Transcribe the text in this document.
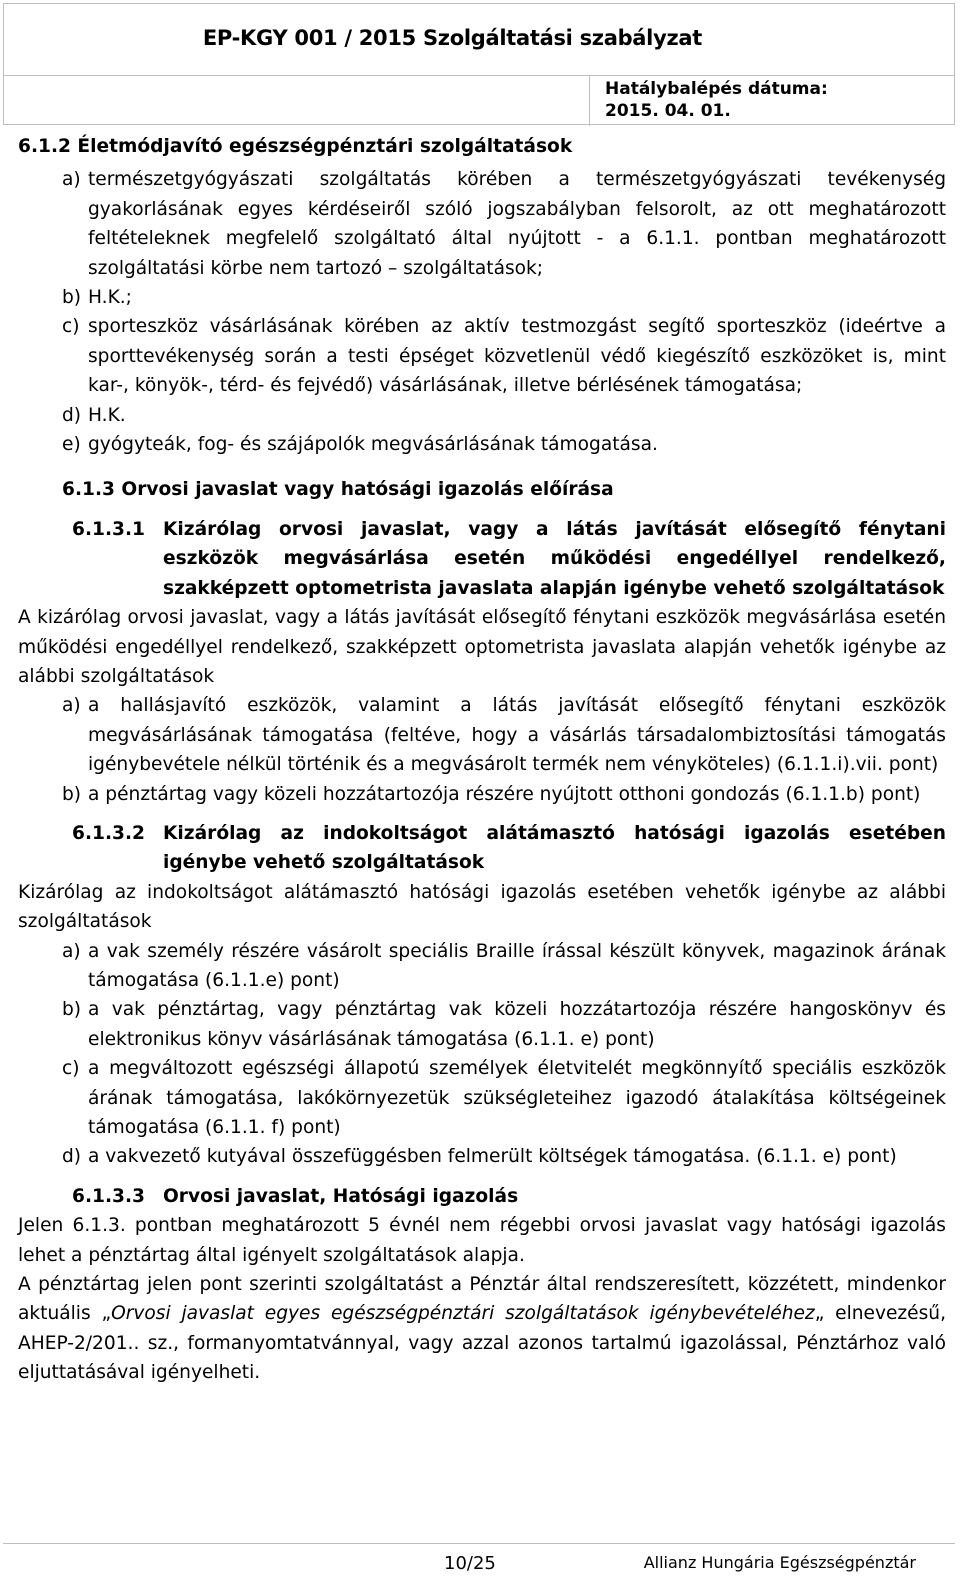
EP-KGY 001 / 2015 Szolgáltatási szabályzat
Hatálybalépés dátuma:
2015. 04. 01.
6.1.2 Életmódjavító egészségpénztári szolgáltatások
a) természetgyógyászati szolgáltatás körében a természetgyógyászati tevékenység gyakorlásának egyes kérdéseiről szóló jogszabályban felsorolt, az ott meghatározott feltételeknek megfelelő szolgáltató által nyújtott - a 6.1.1. pontban meghatározott szolgáltatási körbe nem tartozó – szolgáltatások;
b) H.K.;
c) sporteszköz vásárlásának körében az aktív testmozgást segítő sporteszköz (ideértve a sporttevékenység során a testi épséget közvetlenül védő kiegészítő eszközöket is, mint kar-, könyök-, térd- és fejvédő) vásárlásának, illetve bérlésének támogatása;
d) H.K.
e) gyógyteák, fog- és szájápolók megvásárlásának támogatása.
6.1.3 Orvosi javaslat vagy hatósági igazolás előírása
6.1.3.1 Kizárólag orvosi javaslat, vagy a látás javítását elősegítő fénytani eszközök megvásárlása esetén működési engedéllyel rendelkező, szakképzett optometrista javaslata alapján igénybe vehető szolgáltatások

A kizárólag orvosi javaslat, vagy a látás javítását elősegítő fénytani eszközök megvásárlása esetén működési engedéllyel rendelkező, szakképzett optometrista javaslata alapján vehetők igénybe az alábbi szolgáltatások

a) a hallásjavító eszközök, valamint a látás javítását elősegítő fénytani eszközök megvásárlásának támogatása (feltéve, hogy a vásárlás társadalombiztosítási támogatás igénybevétele nélkül történik és a megvásárolt termék nem vényköteles) (6.1.1.i).vii. pont)
b) a pénztártag vagy közeli hozzátartozója részére nyújtott otthoni gondozás (6.1.1.b) pont)
6.1.3.2 Kizárólag az indokoltságot alátámasztó hatósági igazolás esetében igénybe vehető szolgáltatások

Kizárólag az indokoltságot alátámasztó hatósági igazolás esetében vehetők igénybe az alábbi szolgáltatások

a) a vak személy részére vásárolt speciális Braille írással készült könyvek, magazinok árának támogatása (6.1.1.e) pont)
b) a vak pénztártag, vagy pénztártag vak közeli hozzátartozója részére hangoskönyv és elektronikus könyv vásárlásának támogatása (6.1.1. e) pont)
c) a megváltozott egészségi állapotú személyek életvitelét megkönnyítő speciális eszközök árának támogatása, lakókörnyezetük szükségleteihez igazodó átalakítása költségeinek támogatása (6.1.1. f) pont)
d) a vakvezető kutyával összefüggésben felmerült költségek támogatása. (6.1.1. e) pont)
6.1.3.3 Orvosi javaslat, Hatósági igazolás

Jelen 6.1.3. pontban meghatározott 5 évnél nem régebbi orvosi javaslat vagy hatósági igazolás lehet a pénztártag által igényelt szolgáltatások alapja.

A pénztártag jelen pont szerinti szolgáltatást a Pénztár által rendszeresített, közzétett, mindenkor aktuális „Orvosi javaslat egyes egészségpénztári szolgáltatások igénybevételéhez„ elnevezésű, AHEP-2/201.. sz., formanyomtatvánnyal, vagy azzal azonos tartalmú igazolással, Pénztárhoz való eljuttatásával igényelheti.

10/25	Allianz Hungária Egészségpénztár
